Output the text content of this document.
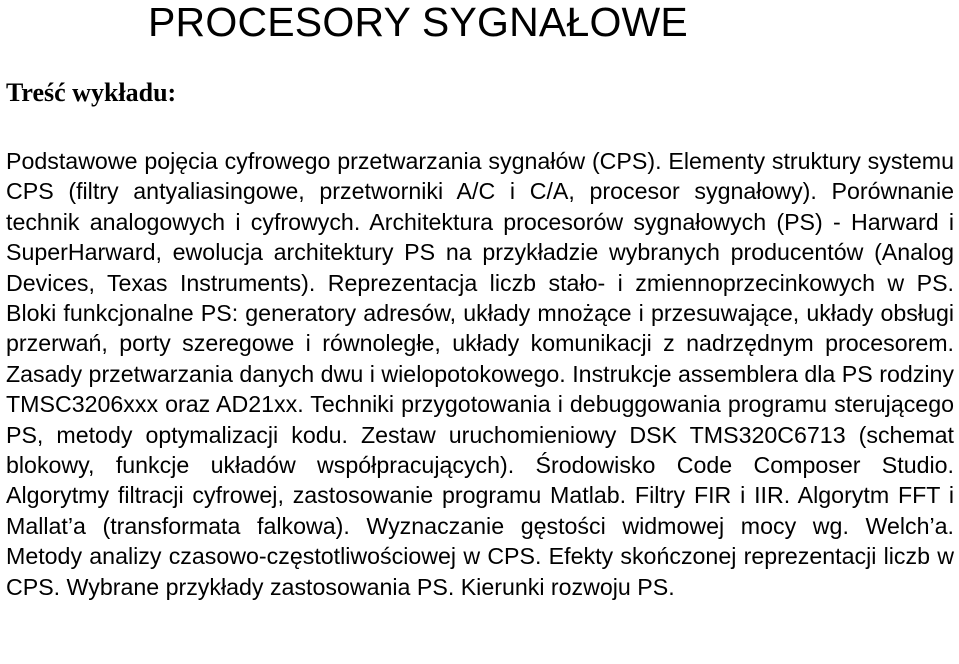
PROCESORY SYGNAŁOWE
Treść wykładu:

Podstawowe pojęcia cyfrowego przetwarzania sygnałów (CPS). Elementy struktury systemu CPS (filtry antyaliasingowe, przetworniki A/C i C/A, procesor sygnałowy). Porównanie technik analogowych i cyfrowych. Architektura procesorów sygnałowych (PS) - Harward i SuperHarward, ewolucja architektury PS na przykładzie wybranych producentów (Analog Devices, Texas Instruments). Reprezentacja liczb stało- i zmiennoprzecinkowych w PS. Bloki funkcjonalne PS: generatory adresów, układy mnożące i przesuwające, układy obsługi przerwań, porty szeregowe i równoległe, układy komunikacji z nadrzędnym procesorem. Zasady przetwarzania danych dwu i wielopotokowego. Instrukcje assemblera dla PS rodziny TMSC3206xxx oraz AD21xx. Techniki przygotowania i debuggowania programu sterującego PS, metody optymalizacji kodu. Zestaw uruchomieniowy DSK TMS320C6713 (schemat blokowy, funkcje układów współpracujących). Środowisko Code Composer Studio. Algorytmy filtracji cyfrowej, zastosowanie programu Matlab. Filtry FIR i IIR. Algorytm FFT i Mallat’a (transformata falkowa). Wyznaczanie gęstości widmowej mocy wg. Welch’a. Metody analizy czasowo-częstotliwościowej w CPS. Efekty skończonej reprezentacji liczb w CPS. Wybrane przykłady zastosowania PS. Kierunki rozwoju PS.
